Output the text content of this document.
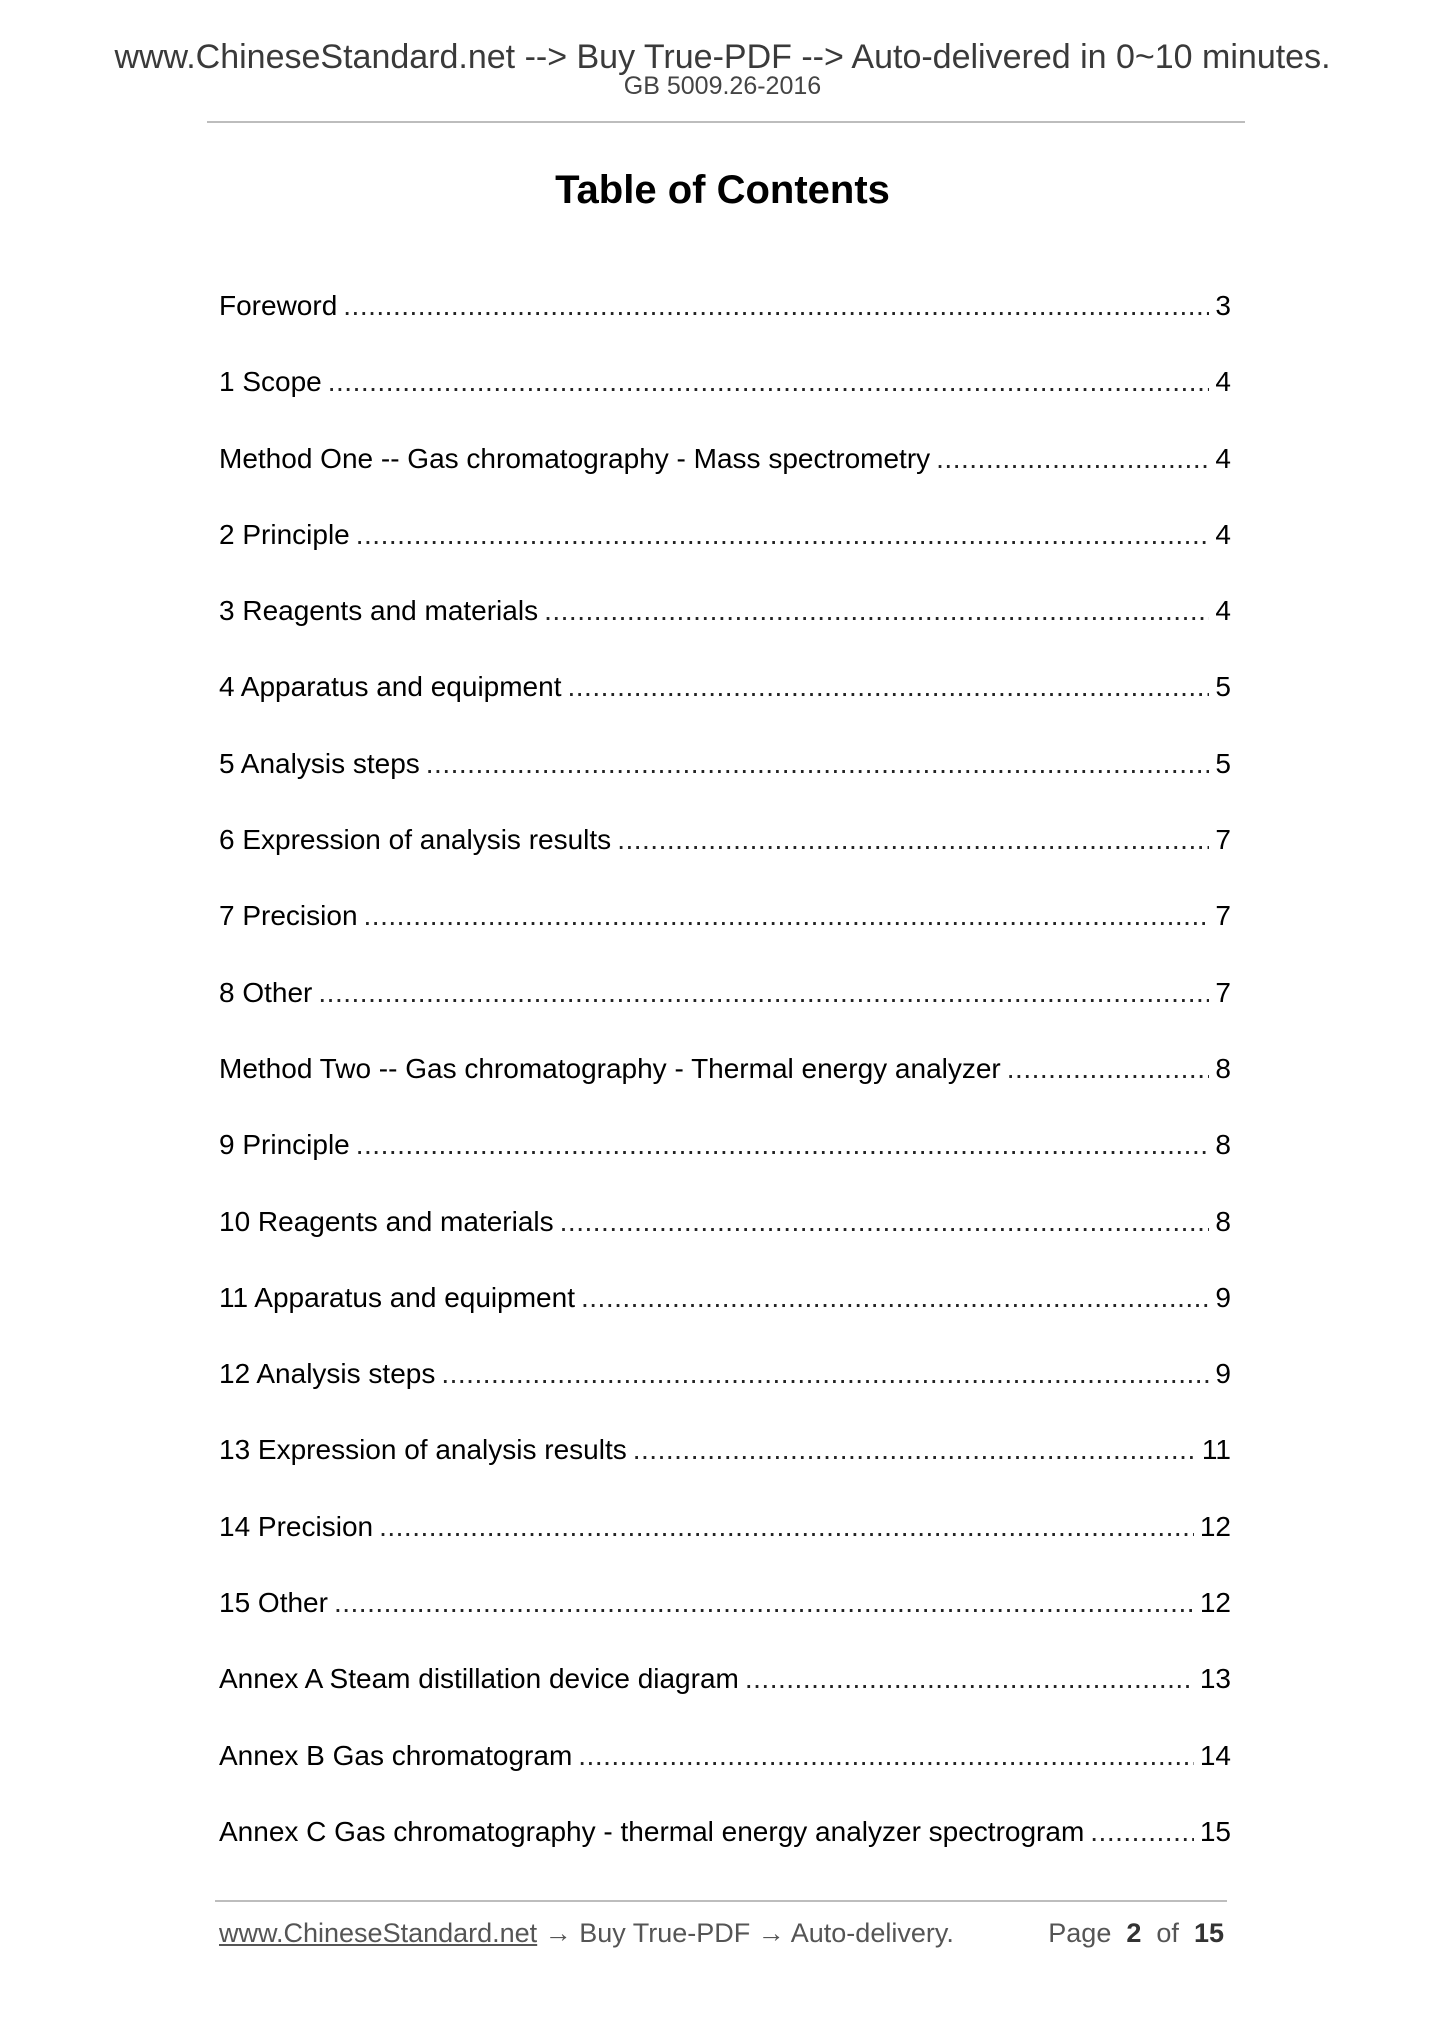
www.ChineseStandard.net --> Buy True-PDF --> Auto-delivered in 0~10 minutes.
GB 5009.26-2016
Table of Contents
Foreword .....	3
1 Scope .....	4
Method One -- Gas chromatography - Mass spectrometry .....	4
2 Principle .....	4
3 Reagents and materials .....	4
4 Apparatus and equipment .....	5
5 Analysis steps .....	5
6 Expression of analysis results .....	7
7 Precision .....	7
8 Other .....	7
Method Two -- Gas chromatography - Thermal energy analyzer .....	8
9 Principle .....	8
10 Reagents and materials .....	8
11 Apparatus and equipment .....	9
12 Analysis steps .....	9
13 Expression of analysis results .....	11
14 Precision .....	12
15 Other .....	12
Annex A Steam distillation device diagram .....	13
Annex B Gas chromatogram .....	14
Annex C Gas chromatography - thermal energy analyzer spectrogram .....	15
www.ChineseStandard.net → Buy True-PDF → Auto-delivery.	Page 2 of 15
